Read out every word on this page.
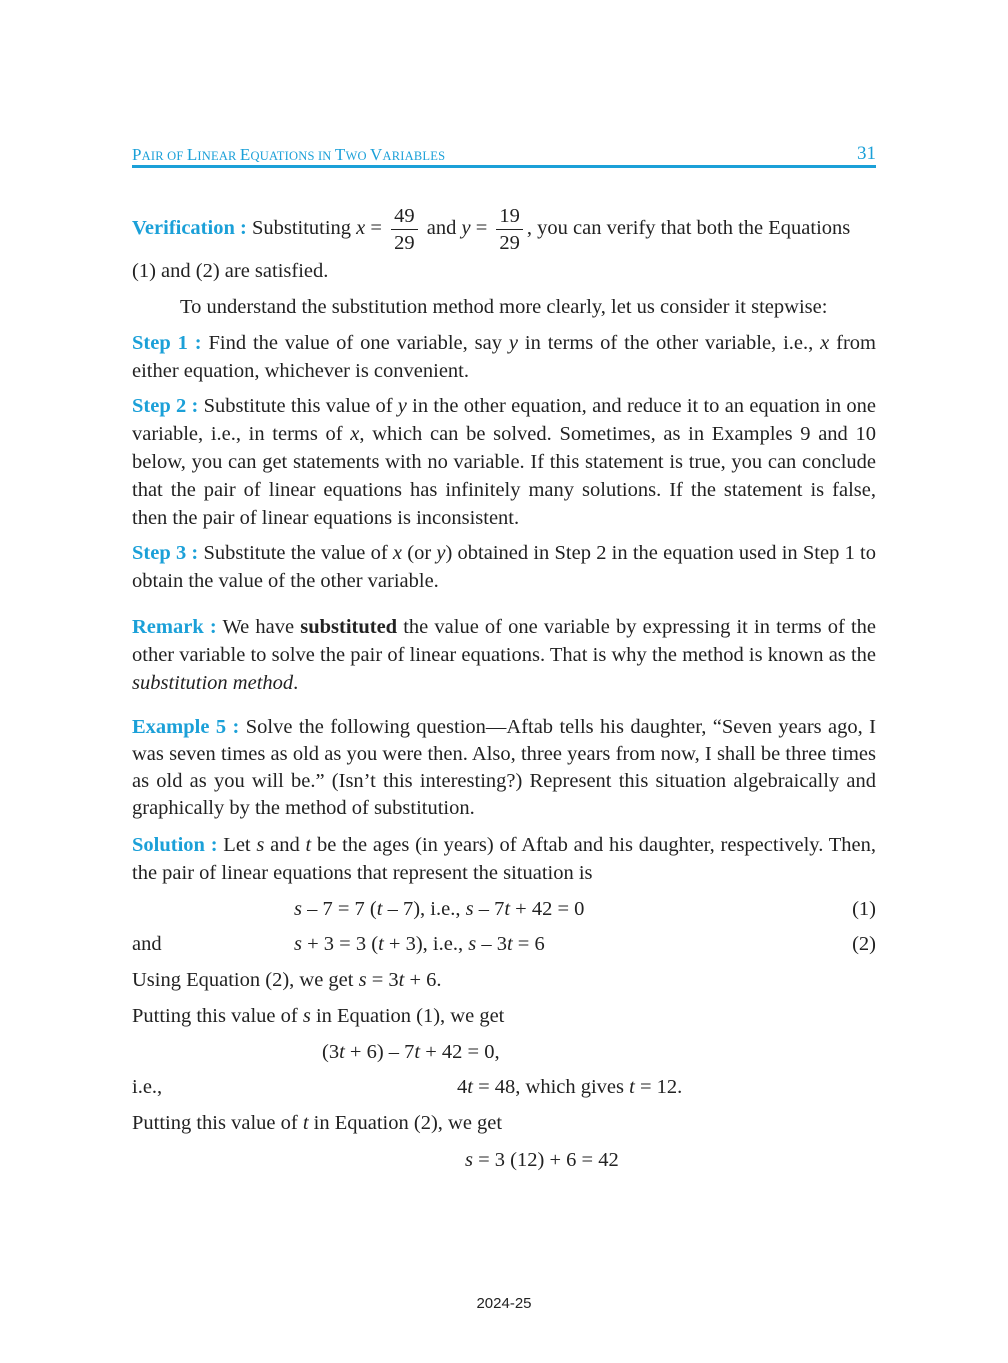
PAIR OF LINEAR EQUATIONS IN TWO VARIABLES	31
Verification : Substituting $x = \frac{49}{29}$ and $y = \frac{19}{29}$ , you can verify that both the Equations
(1) and (2) are satisfied.
To understand the substitution method more clearly, let us consider it stepwise:
Step 1 : Find the value of one variable, say y in terms of the other variable, i.e., x from either equation, whichever is convenient.
Step 2 : Substitute this value of y in the other equation, and reduce it to an equation in one variable, i.e., in terms of x, which can be solved. Sometimes, as in Examples 9 and 10 below, you can get statements with no variable. If this statement is true, you can conclude that the pair of linear equations has infinitely many solutions. If the statement is false, then the pair of linear equations is inconsistent.
Step 3 : Substitute the value of x (or y) obtained in Step 2 in the equation used in Step 1 to obtain the value of the other variable.
Remark : We have substituted the value of one variable by expressing it in terms of the other variable to solve the pair of linear equations. That is why the method is known as the substitution method.
Example 5 : Solve the following question—Aftab tells his daughter, “Seven years ago, I was seven times as old as you were then. Also, three years from now, I shall be three times as old as you will be.” (Isn’t this interesting?) Represent this situation algebraically and graphically by the method of substitution.
Solution : Let s and t be the ages (in years) of Aftab and his daughter, respectively. Then, the pair of linear equations that represent the situation is
s – 7 = 7 (t – 7), i.e., s – 7t + 42 = 0	(1)
and	s + 3 = 3 (t + 3), i.e., s – 3t = 6	(2)
Using Equation (2), we get s = 3t + 6.
Putting this value of s in Equation (1), we get
(3t + 6) – 7t + 42 = 0,
i.e.,	4t = 48, which gives t = 12.
Putting this value of t in Equation (2), we get
s = 3 (12) + 6 = 42
2024-25
